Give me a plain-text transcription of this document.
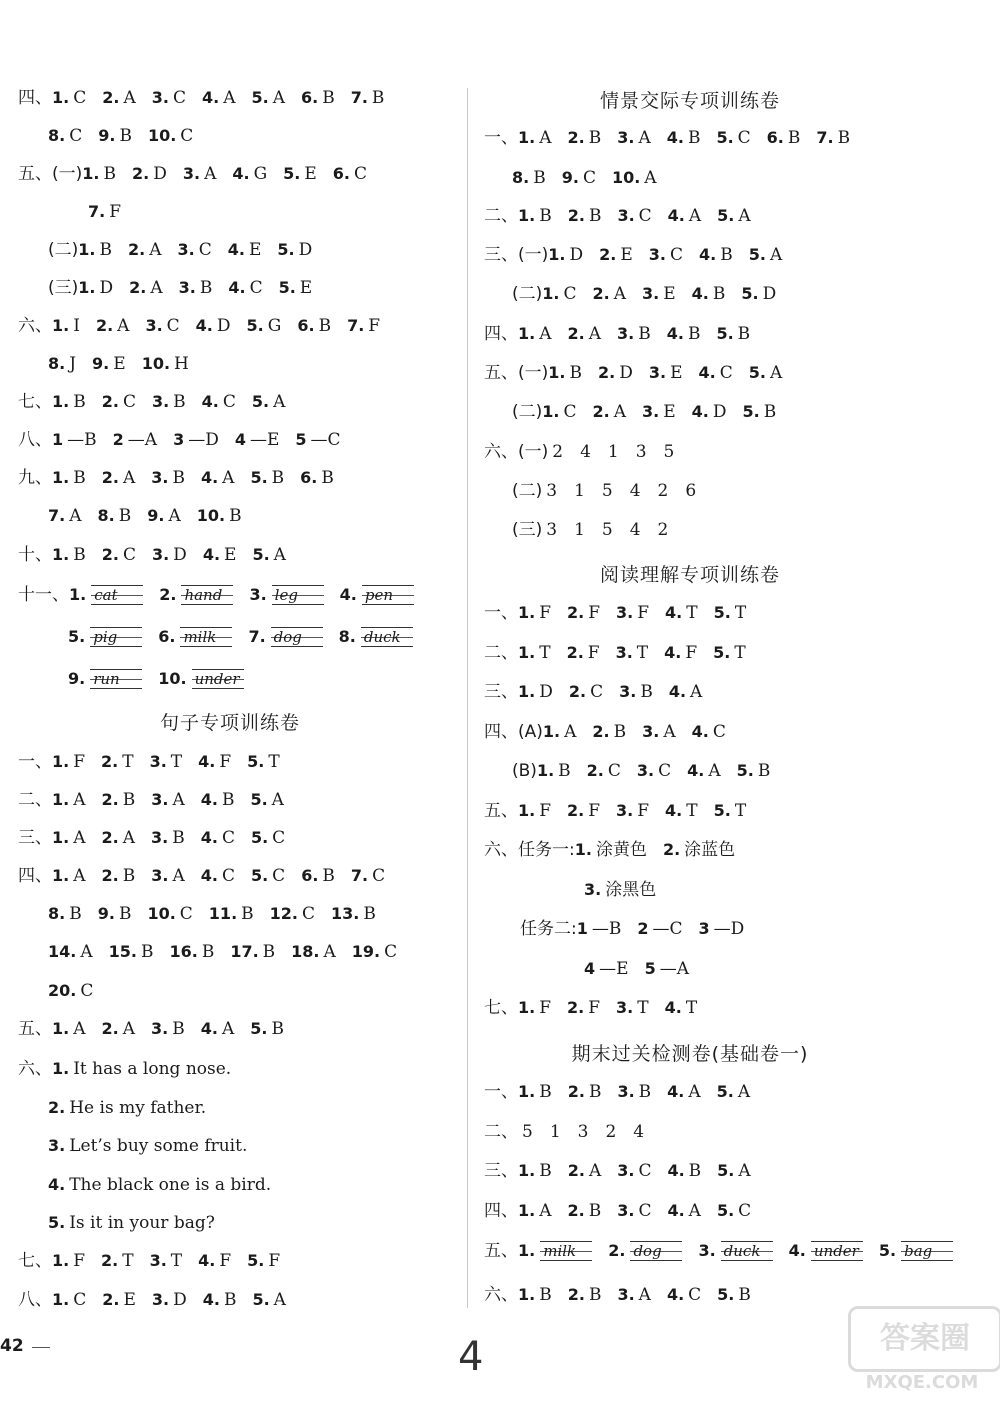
四、1. C 2. A 3. C 4. A 5. A 6. B 7. B
8. C 9. B 10. C
五、(一)1. B 2. D 3. A 4. G 5. E 6. C
7. F
(二)1. B 2. A 3. C 4. E 5. D
(三)1. D 2. A 3. B 4. C 5. E
六、1. I 2. A 3. C 4. D 5. G 6. B 7. F
8. J 9. E 10. H
七、1. B 2. C 3. B 4. C 5. A
八、1 —B 2 —A 3 —D 4 —E 5 —C
九、1. B 2. A 3. B 4. A 5. B 6. B
7. A 8. B 9. A 10. B
十、1. B 2. C 3. D 4. E 5. A
十一、1. cat	2. hand 3. leg	4. pen
5. pig	6. milk 7. dog 8. duck
9. run 10. under
句子专项训练卷
一、1. F 2. T 3. T 4. F 5. T
二、1. A 2. B 3. A 4. B 5. A
三、1. A 2. A 3. B 4. C 5. C
四、1. A 2. B 3. A 4. C 5. C 6. B 7. C
8. B 9. B 10. C 11. B 12. C 13. B
14. A 15. B 16. B 17. B 18. A 19. C
20. C
五、1. A 2. A 3. B 4. A 5. B
六、1. It has a long nose.
2. He is my father.
3. Let’s buy some fruit.
4. The black one is a bird.
5. Is it in your bag?
七、1. F 2. T 3. T 4. F 5. F
八、1. C 2. E 3. D 4. B 5. A
情景交际专项训练卷
一、1. A 2. B 3. A 4. B 5. C 6. B 7. B
8. B 9. C 10. A
二、1. B 2. B 3. C 4. A 5. A
三、(一)1. D 2. E 3. C 4. B 5. A
(二)1. C 2. A 3. E 4. B 5. D
四、1. A 2. A 3. B 4. B 5. B
五、(一)1. B 2. D 3. E 4. C 5. A
(二)1. C 2. A 3. E 4. D 5. B
六、(一) 2　4　1　3　5
(二) 3　1　5　4　2　6
(三) 3　1　5　4　2
阅读理解专项训练卷
一、1. F 2. F 3. F 4. T 5. T
二、1. T 2. F 3. T 4. F 5. T
三、1. D 2. C 3. B 4. A
四、(A)1. A 2. B 3. A 4. C
(B)1. B 2. C 3. C 4. A 5. B
五、1. F 2. F 3. F 4. T 5. T
六、任务一:1. 涂黄色 2. 涂蓝色
3. 涂黑色
任务二:1 —B 2 —C 3 —D
4 —E 5 —A
七、1. F 2. F 3. T 4. T
期末过关检测卷(基础卷一)
一、1. B 2. B 3. B 4. A 5. A
二、 5　1　3　2　4
三、1. B 2. A 3. C 4. B 5. A
四、1. A 2. B 3. C 4. A 5. C
五、1. milk 2. dog 3. duck 4. under 5. bag
六、1. B 2. B 3. A 4. C 5. B
42	4	答案圈
MXQE.COM
